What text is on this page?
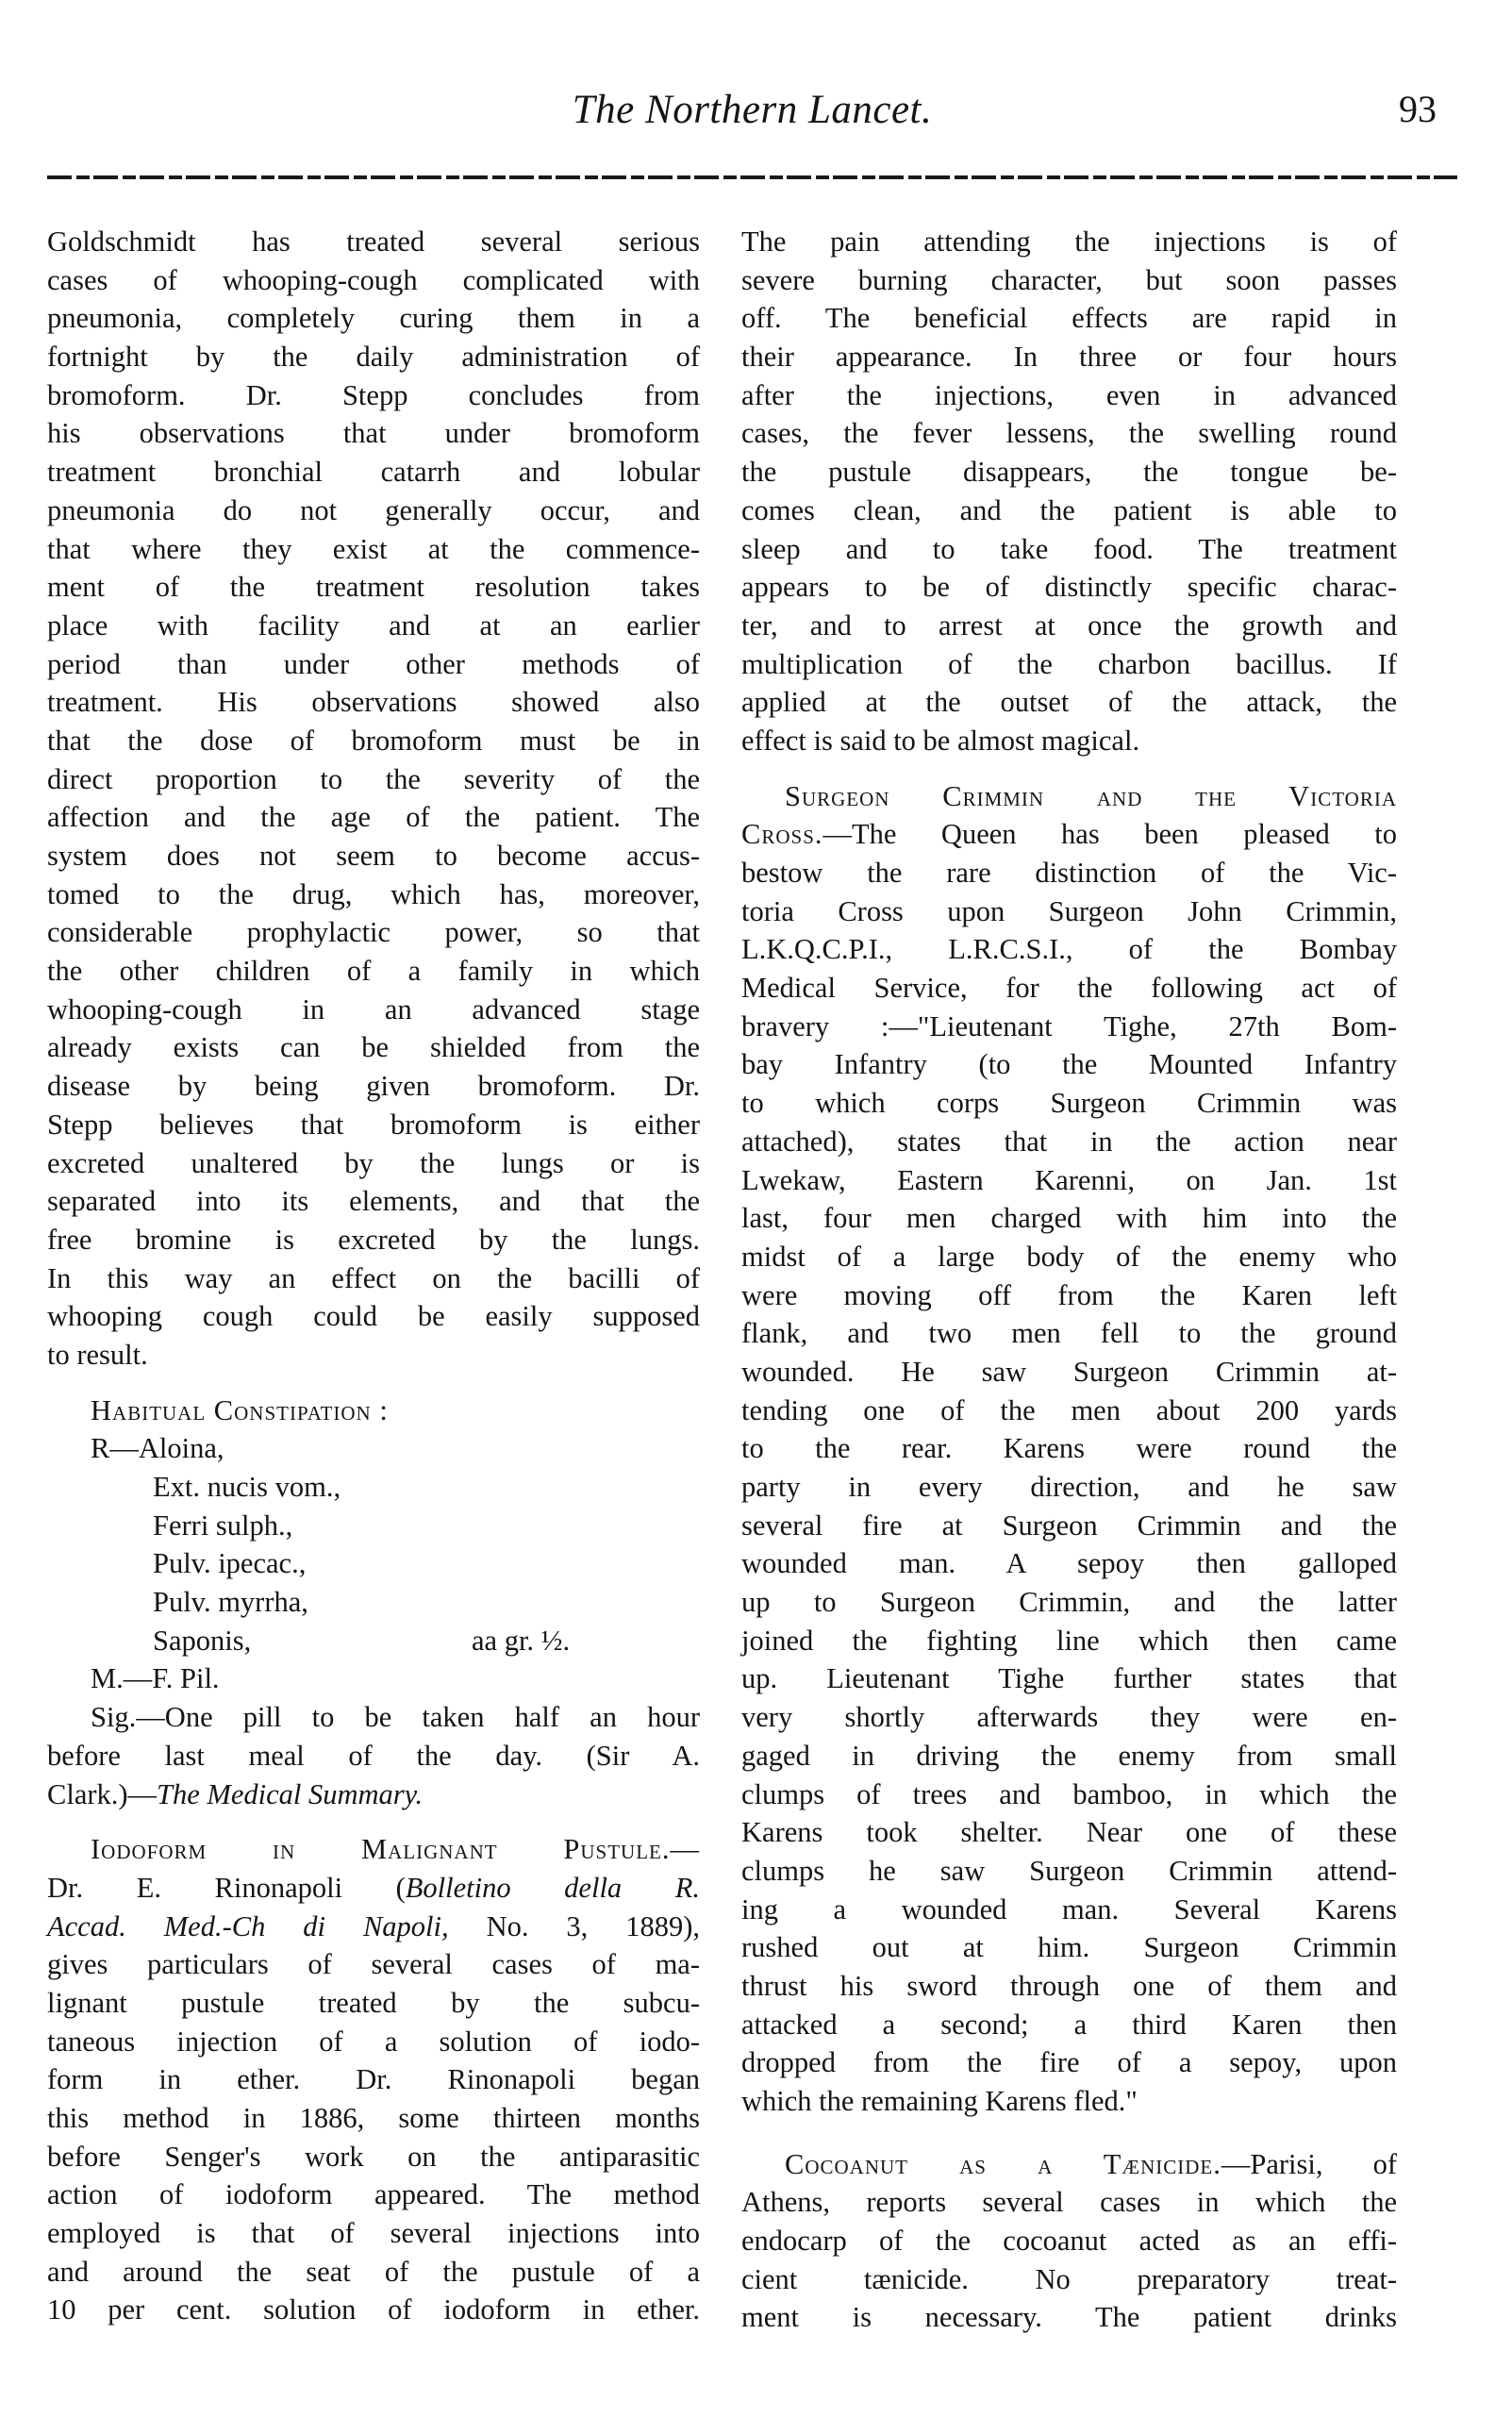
The Northern Lancet.	93
Goldschmidt has treated several serious
cases of whooping-cough complicated with
pneumonia, completely curing them in a
fortnight by the daily administration of
bromoform. Dr. Stepp concludes from
his observations that under bromoform
treatment bronchial catarrh and lobular
pneumonia do not generally occur, and
that where they exist at the commence-
ment of the treatment resolution takes
place with facility and at an earlier
period than under other methods of
treatment. His observations showed also
that the dose of bromoform must be in
direct proportion to the severity of the
affection and the age of the patient. The
system does not seem to become accus-
tomed to the drug, which has, moreover,
considerable prophylactic power, so that
the other children of a family in which
whooping-cough in an advanced stage
already exists can be shielded from the
disease by being given bromoform. Dr.
Stepp believes that bromoform is either
excreted unaltered by the lungs or is
separated into its elements, and that the
free bromine is excreted by the lungs.
In this way an effect on the bacilli of
whooping cough could be easily supposed
to result.
Habitual Constipation :
R—Aloina,
Ext. nucis vom.,
Ferri sulph.,
Pulv. ipecac.,
Pulv. myrrha,
Saponis,	aa gr. ½.
M.—F. Pil.
Sig.—One pill to be taken half an hour
before last meal of the day. (Sir A.
Clark.)—The Medical Summary.
Iodoform in Malignant Pustule.—
Dr. E. Rinonapoli (Bolletino della R.
Accad. Med.-Ch di Napoli, No. 3, 1889),
gives particulars of several cases of ma-
lignant pustule treated by the subcu-
taneous injection of a solution of iodo-
form in ether. Dr. Rinonapoli began
this method in 1886, some thirteen months
before Senger's work on the antiparasitic
action of iodoform appeared. The method
employed is that of several injections into
and around the seat of the pustule of a
10 per cent. solution of iodoform in ether.
The pain attending the injections is of
severe burning character, but soon passes
off. The beneficial effects are rapid in
their appearance. In three or four hours
after the injections, even in advanced
cases, the fever lessens, the swelling round
the pustule disappears, the tongue be-
comes clean, and the patient is able to
sleep and to take food. The treatment
appears to be of distinctly specific charac-
ter, and to arrest at once the growth and
multiplication of the charbon bacillus. If
applied at the outset of the attack, the
effect is said to be almost magical.
Surgeon Crimmin and the Victoria
Cross.—The Queen has been pleased to
bestow the rare distinction of the Vic-
toria Cross upon Surgeon John Crimmin,
L.K.Q.C.P.I., L.R.C.S.I., of the Bombay
Medical Service, for the following act of
bravery :—"Lieutenant Tighe, 27th Bom-
bay Infantry (to the Mounted Infantry
to which corps Surgeon Crimmin was
attached), states that in the action near
Lwekaw, Eastern Karenni, on Jan. 1st
last, four men charged with him into the
midst of a large body of the enemy who
were moving off from the Karen left
flank, and two men fell to the ground
wounded. He saw Surgeon Crimmin at-
tending one of the men about 200 yards
to the rear. Karens were round the
party in every direction, and he saw
several fire at Surgeon Crimmin and the
wounded man. A sepoy then galloped
up to Surgeon Crimmin, and the latter
joined the fighting line which then came
up. Lieutenant Tighe further states that
very shortly afterwards they were en-
gaged in driving the enemy from small
clumps of trees and bamboo, in which the
Karens took shelter. Near one of these
clumps he saw Surgeon Crimmin attend-
ing a wounded man. Several Karens
rushed out at him. Surgeon Crimmin
thrust his sword through one of them and
attacked a second; a third Karen then
dropped from the fire of a sepoy, upon
which the remaining Karens fled."
Cocoanut as a Tænicide.—Parisi, of
Athens, reports several cases in which the
endocarp of the cocoanut acted as an effi-
cient tænicide. No preparatory treat-
ment is necessary. The patient drinks
